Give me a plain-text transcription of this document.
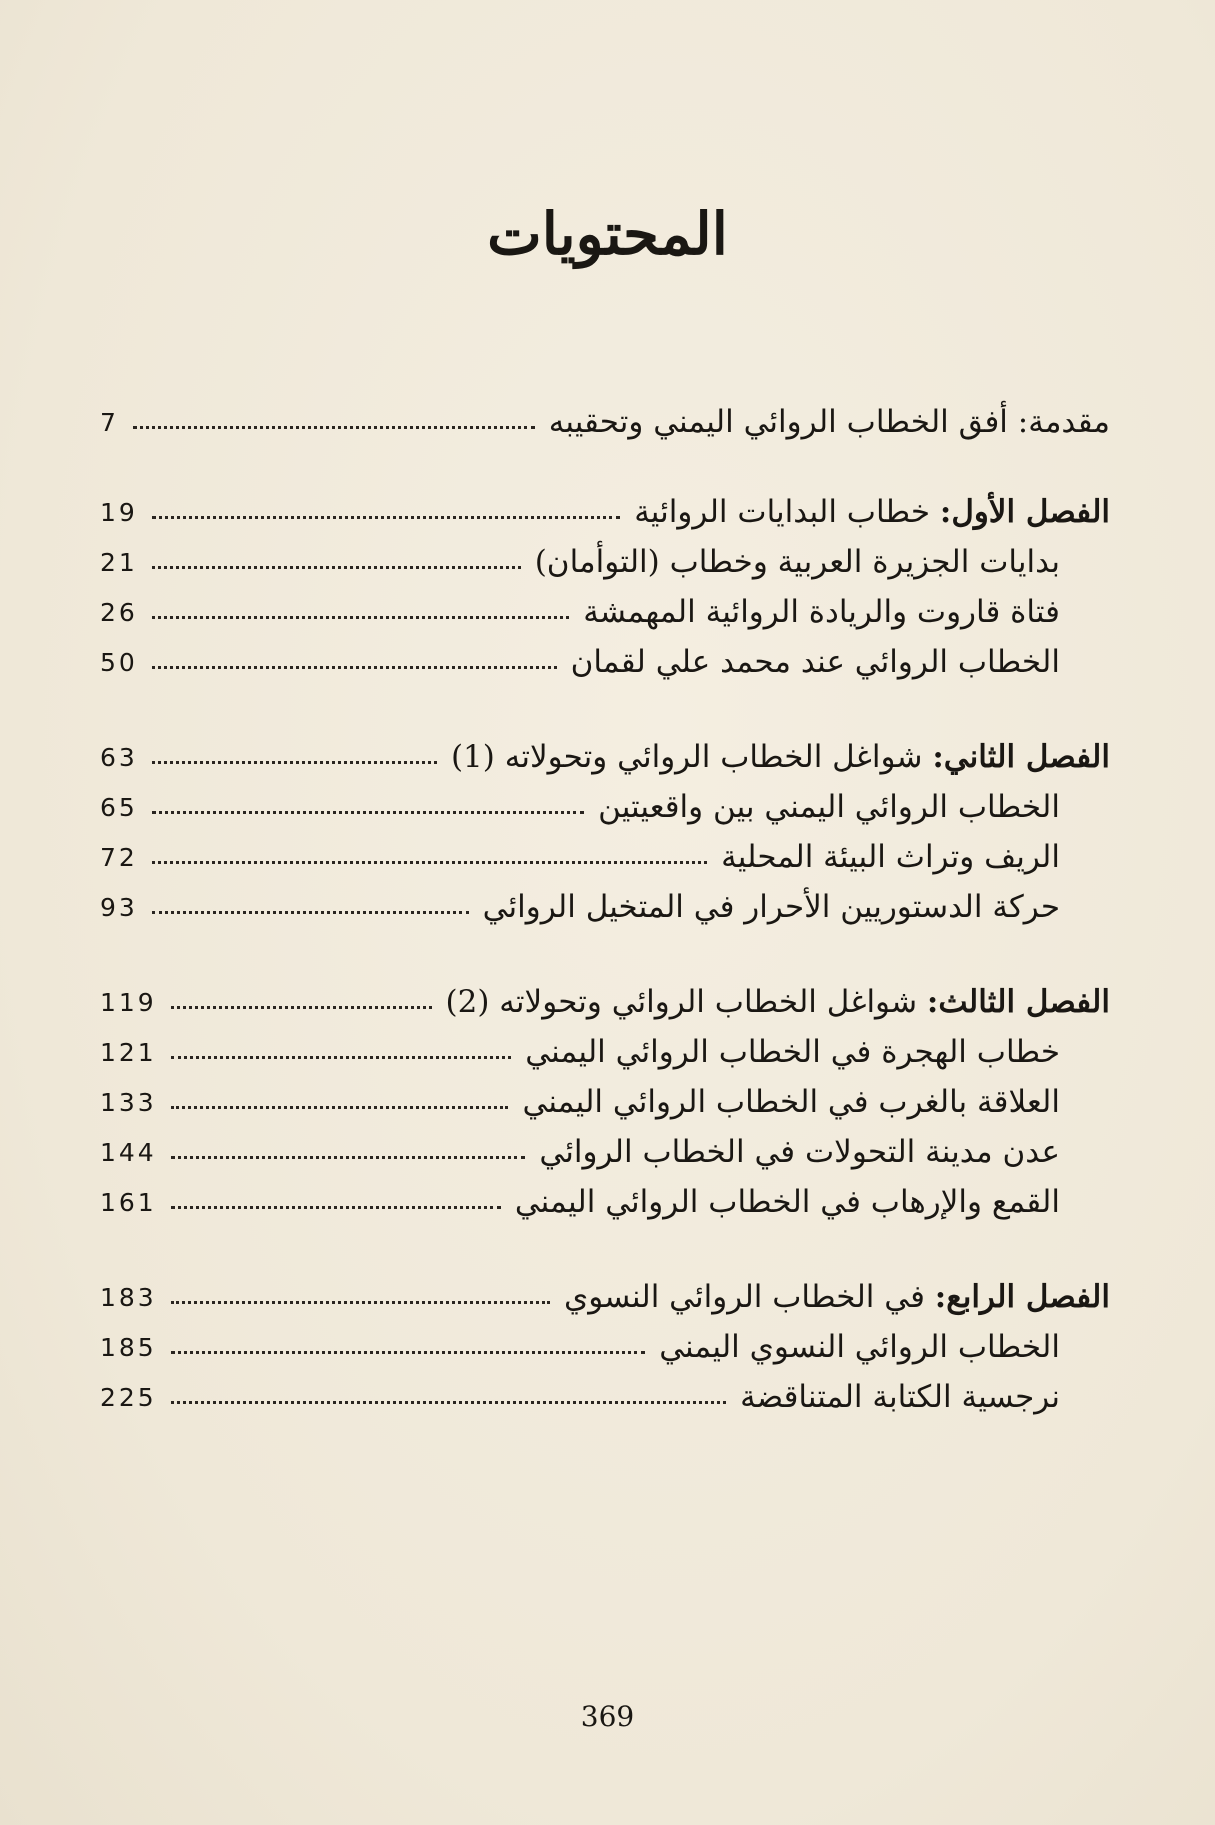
المحتويات
7	مقدمة: أفق الخطاب الروائي اليمني وتحقيبه
19	الفصل الأول: خطاب البدايات الروائية
21	بدايات الجزيرة العربية وخطاب (التوأمان)
26	فتاة قاروت والريادة الروائية المهمشة
50	الخطاب الروائي عند محمد علي لقمان
63	الفصل الثاني: شواغل الخطاب الروائي وتحولاته (1)
65	الخطاب الروائي اليمني بين واقعيتين
72	الريف وتراث البيئة المحلية
93	حركة الدستوريين الأحرار في المتخيل الروائي
119	الفصل الثالث: شواغل الخطاب الروائي وتحولاته (2)
121	خطاب الهجرة في الخطاب الروائي اليمني
133	العلاقة بالغرب في الخطاب الروائي اليمني
144	عدن مدينة التحولات في الخطاب الروائي
161	القمع والإرهاب في الخطاب الروائي اليمني
183	الفصل الرابع: في الخطاب الروائي النسوي
185	الخطاب الروائي النسوي اليمني
225	نرجسية الكتابة المتناقضة
369
